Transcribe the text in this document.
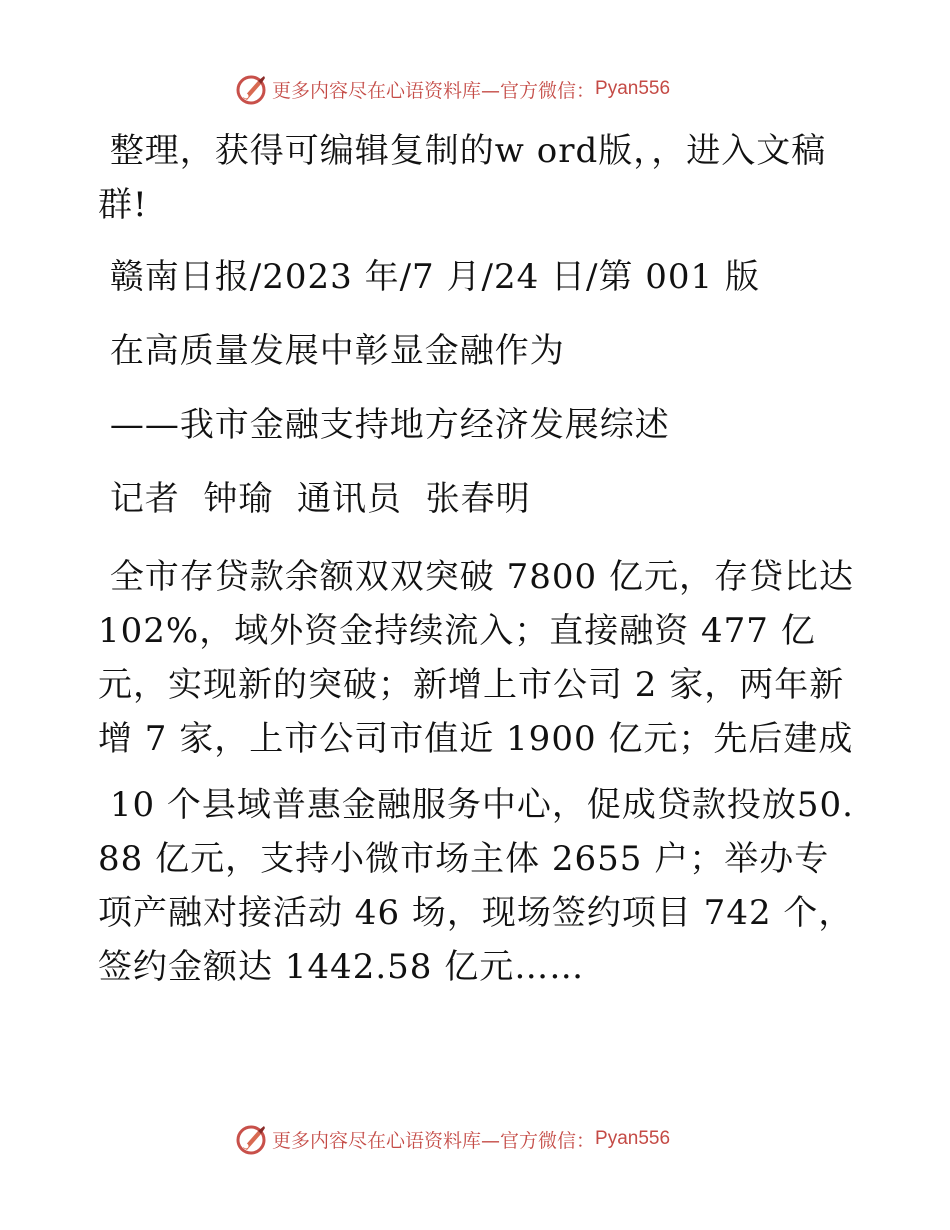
更多内容尽在心语资料库—官方微信： Pyan556

整理，获得可编辑复制的w ord版，，进入文稿群!

赣南日报/2023 年/7 月/24 日/第 001 版

在高质量发展中彰显金融作为

——我市金融支持地方经济发展综述

记者  钟瑜  通讯员  张春明

全市存贷款余额双双突破 7800 亿元，存贷比达102%，域外资金持续流入；直接融资 477 亿元，实现新的突破；新增上市公司 2 家，两年新增 7 家，上市公司市值近 1900 亿元；先后建成

10 个县域普惠金融服务中心，促成贷款投放50.88 亿元，支持小微市场主体 2655 户；举办专项产融对接活动 46 场，现场签约项目 742 个，签约金额达 1442.58 亿元……

更多内容尽在心语资料库—官方微信： Pyan556
